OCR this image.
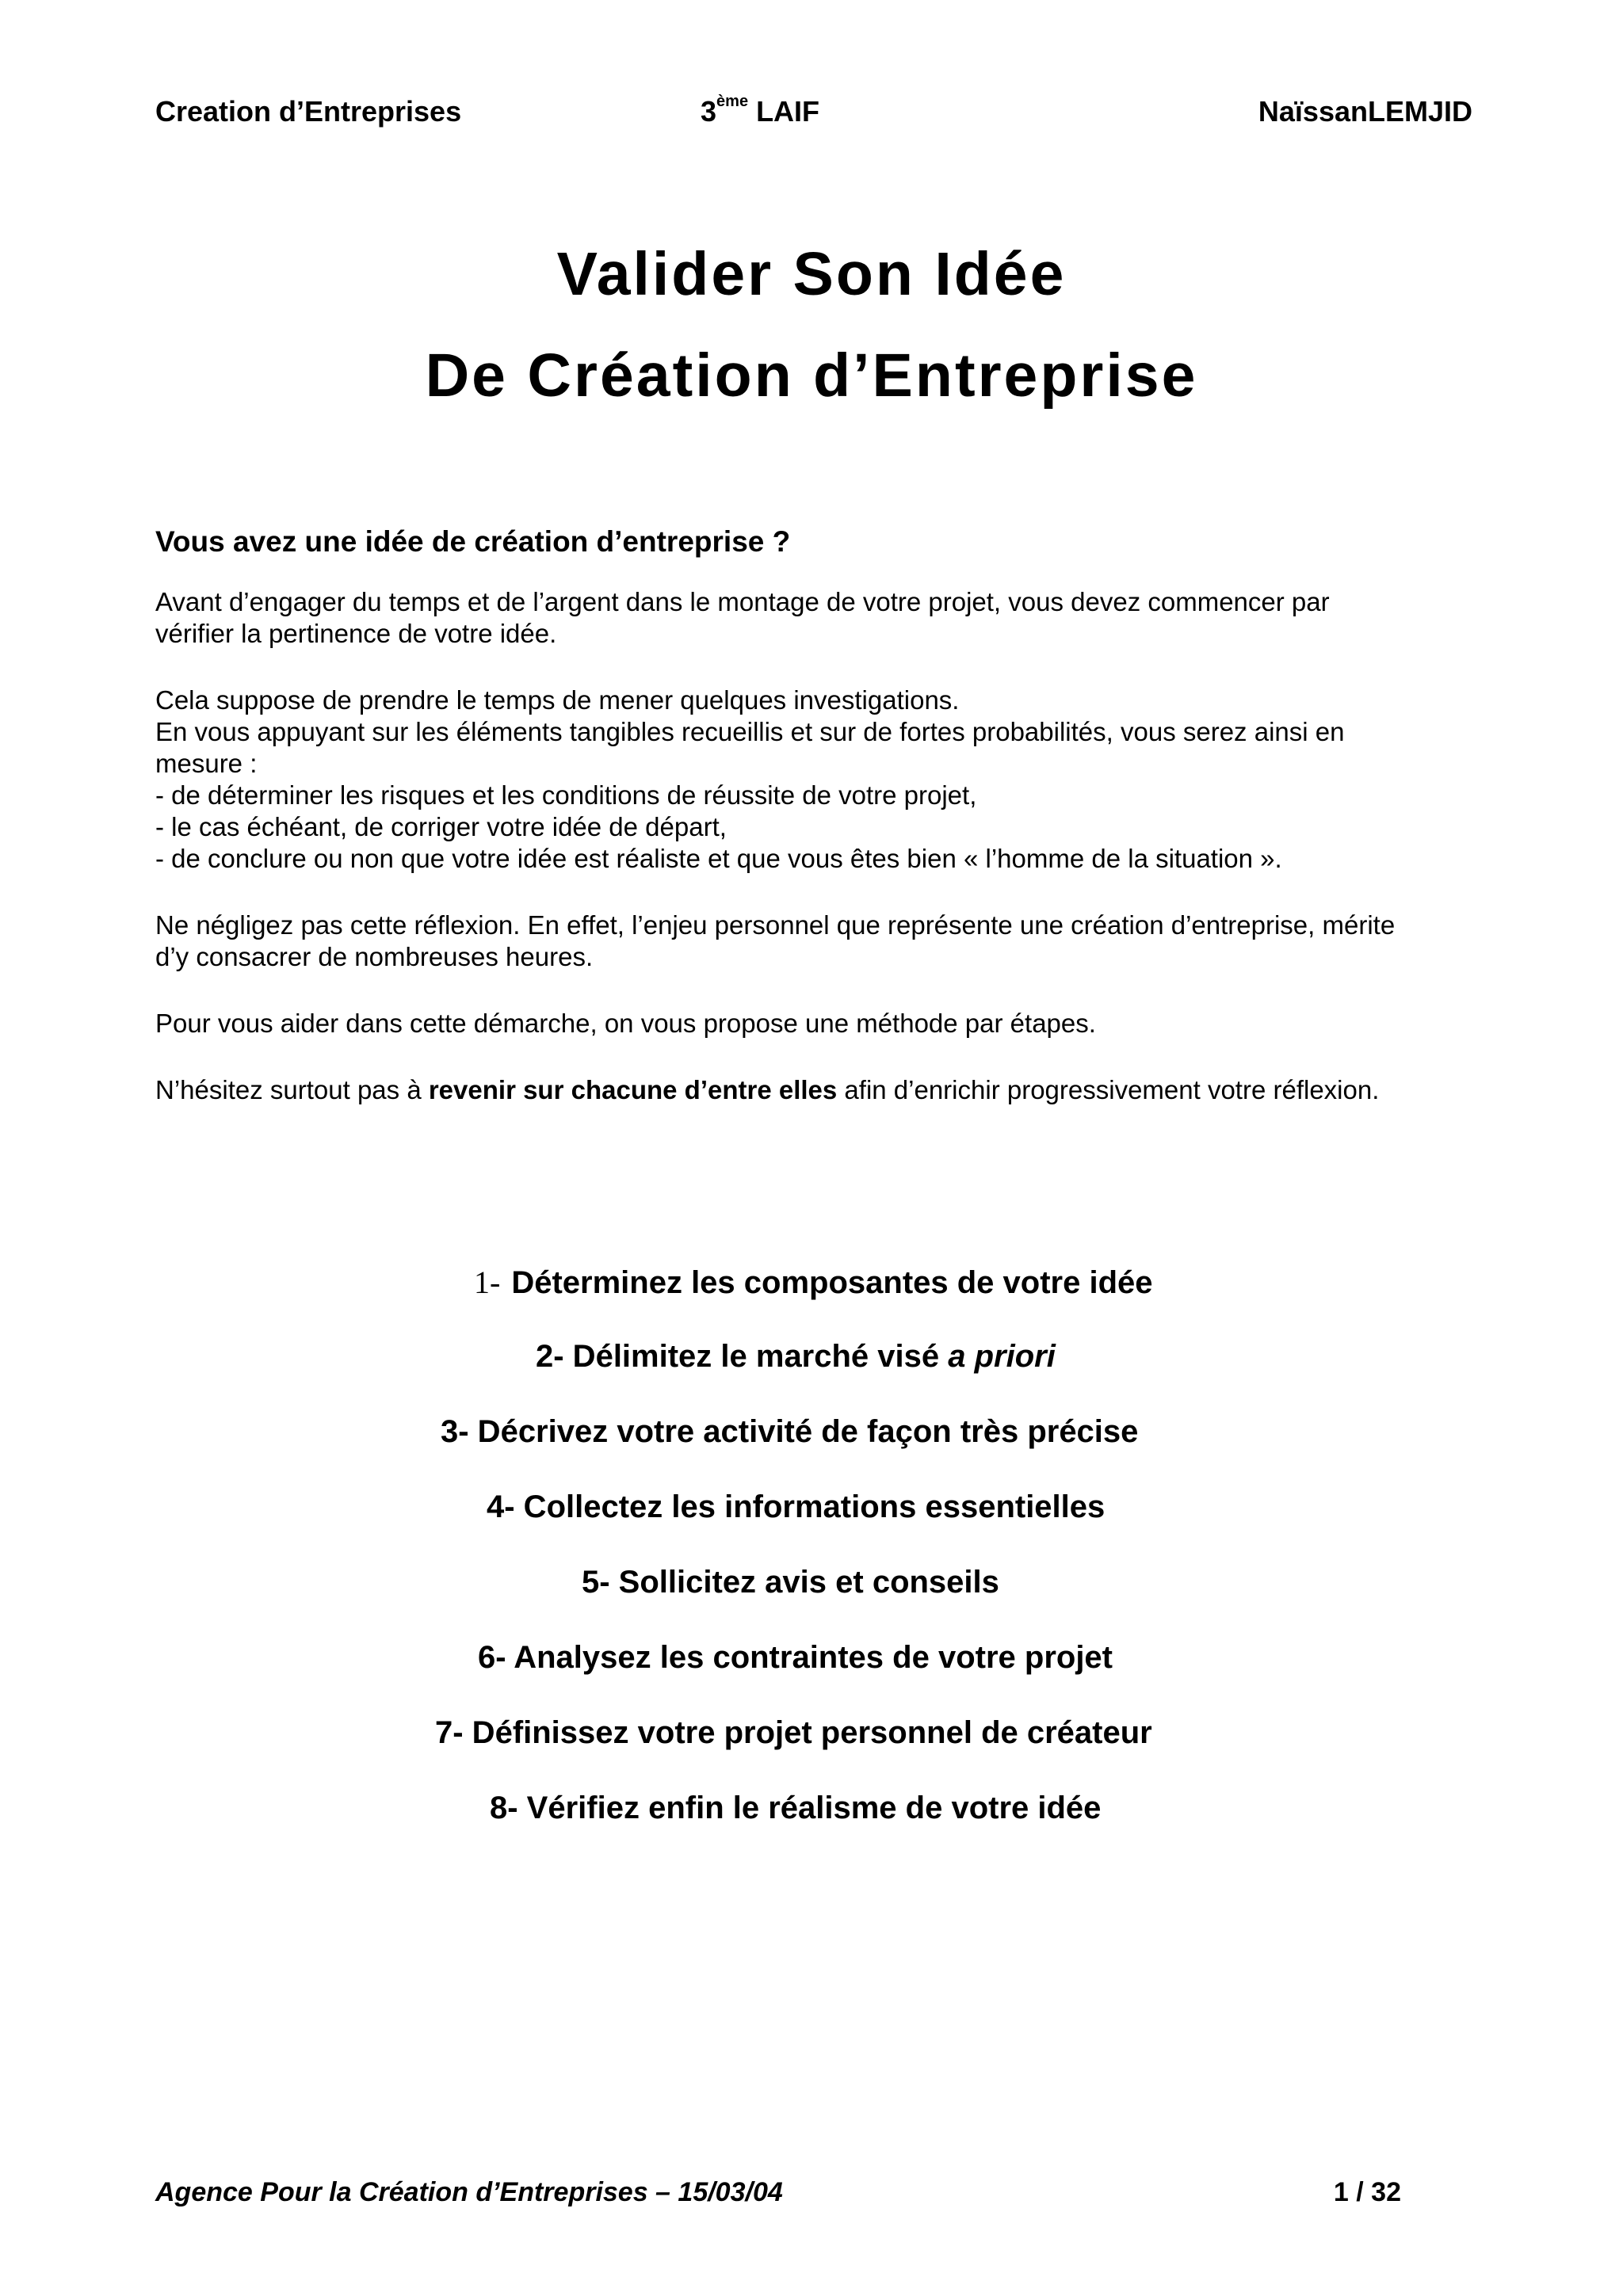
Creation d’Entreprises	3ème LAIF	NaïssanLEMJID
Valider Son Idée
De Création d’Entreprise
Vous avez une idée de création d’entreprise ?

Avant d’engager du temps et de l’argent dans le montage de votre projet, vous devez commencer par
vérifier la pertinence de votre idée.

Cela suppose de prendre le temps de mener quelques investigations.
En vous appuyant sur les éléments tangibles recueillis et sur de fortes probabilités, vous serez ainsi en
mesure :
- de déterminer les risques et les conditions de réussite de votre projet,
- le cas échéant, de corriger votre idée de départ,
- de conclure ou non que votre idée est réaliste et que vous êtes bien « l’homme de la situation ».

Ne négligez pas cette réflexion. En effet, l’enjeu personnel que représente une création d’entreprise, mérite
d’y consacrer de nombreuses heures.

Pour vous aider dans cette démarche, on vous propose une méthode par étapes.

N’hésitez surtout pas à revenir sur chacune d’entre elles afin d’enrichir progressivement votre réflexion.

1- Déterminez les composantes de votre idée
2- Délimitez le marché visé a priori
3- Décrivez votre activité de façon très précise
4- Collectez les informations essentielles
5- Sollicitez avis et conseils
6- Analysez les contraintes de votre projet
7- Définissez votre projet personnel de créateur
8- Vérifiez enfin le réalisme de votre idée
Agence Pour la Création d’Entreprises – 15/03/04	1 / 32
